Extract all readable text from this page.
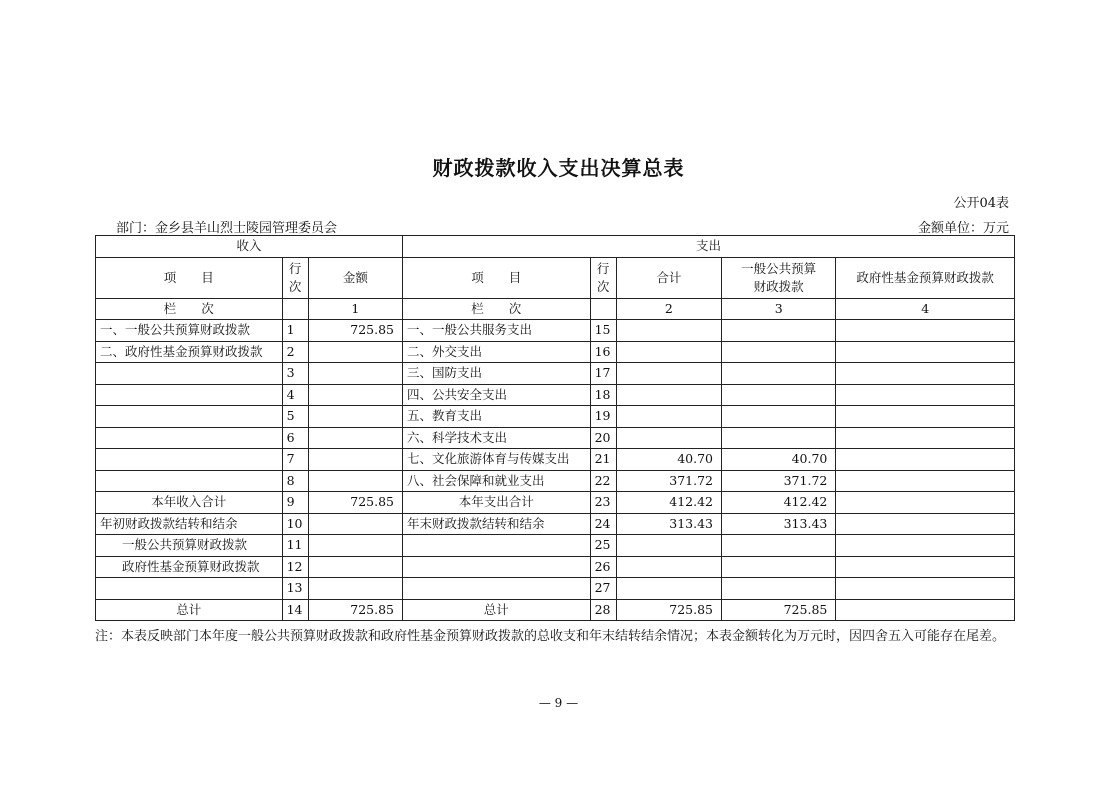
财政拨款收入支出决算总表
公开04表
部门：金乡县羊山烈士陵园管理委员会	金额单位：万元
收入			支出				
项　　目	行次	金额	项　　目	行次	合计	一般公共预算财政拨款	政府性基金预算财政拨款
栏　　次		1	栏　　次		2	3	4
一、一般公共预算财政拨款	1	725.85	一、一般公共服务支出	15			
二、政府性基金预算财政拨款	2		二、外交支出	16			
	3		三、国防支出	17			
	4		四、公共安全支出	18			
	5		五、教育支出	19			
	6		六、科学技术支出	20			
	7		七、文化旅游体育与传媒支出	21	40.70	40.70	
	8		八、社会保障和就业支出	22	371.72	371.72	
本年收入合计	9	725.85	本年支出合计	23	412.42	412.42	
年初财政拨款结转和结余	10		年末财政拨款结转和结余	24	313.43	313.43	
一般公共预算财政拨款	11			25			
政府性基金预算财政拨款	12			26			
	13			27			
总计	14	725.85	总计	28	725.85	725.85	
注：本表反映部门本年度一般公共预算财政拨款和政府性基金预算财政拨款的总收支和年末结转结余情况；本表金额转化为万元时，因四舍五入可能存在尾差。
— 9 —
